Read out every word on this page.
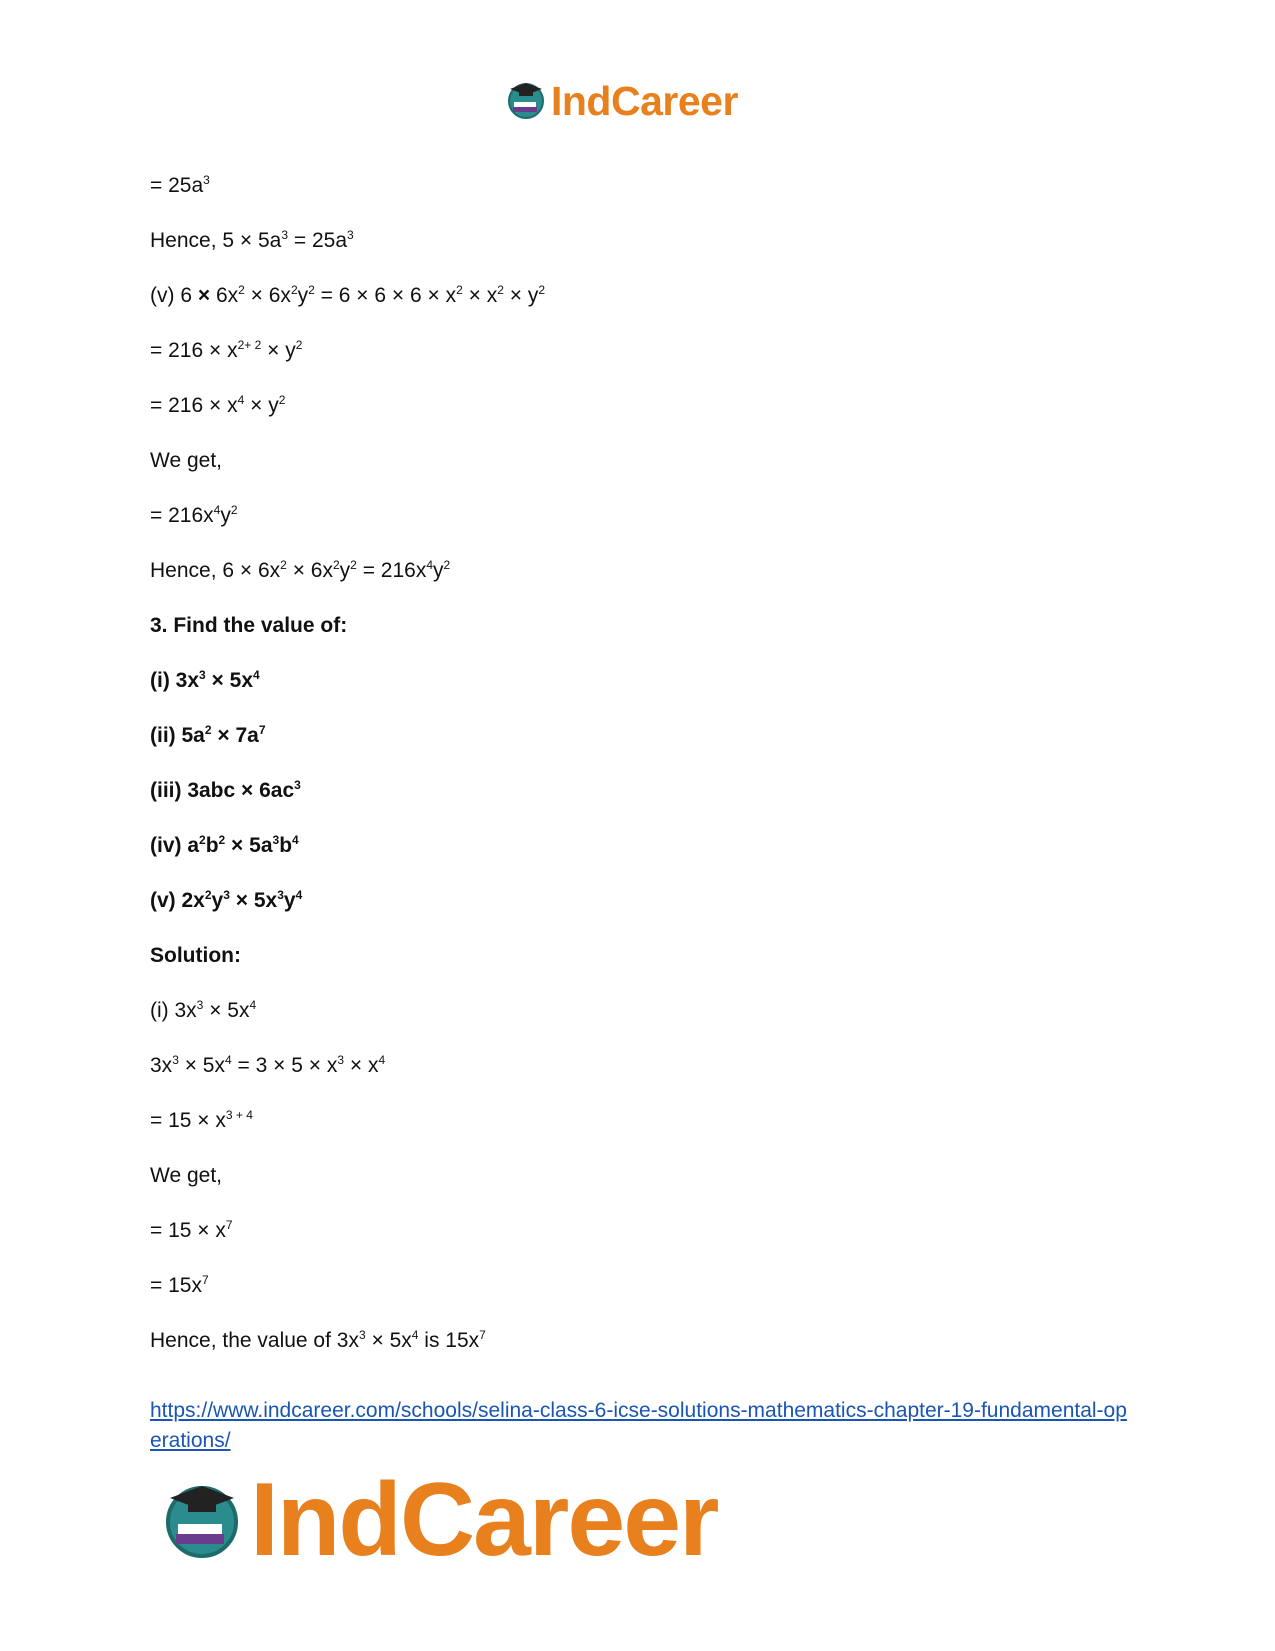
IndCareer
= $25a^3$
Hence, $5 \times 5a^3 = 25a^3$
(v) $6 \times 6x^2 \times 6x^2y^2 = 6 \times 6 \times 6 \times x^2 \times x^2 \times y^2$
= $216 \times x^{2+ 2} \times y^2$
= $216 \times x^4 \times y^2$
We get,
= $216x^4y^2$
Hence, $6 \times 6x^2 \times 6x^2y^2 = 216x^4y^2$
3. Find the value of:
(i) $3x^3 \times 5x^4$
(ii) $5a^2 \times 7a^7$
(iii) $3abc \times 6ac^3$
(iv) $a^2b^2 \times 5a^3b^4$
(v) $2x^2y^3 \times 5x^3y^4$
Solution:
(i) $3x^3 \times 5x^4$
$3x^3 \times 5x^4 = 3 \times 5 \times x^3 \times x^4$
= $15 \times x^{3 + 4}$
We get,
= $15 \times x^7$
= $15x^7$
Hence, the value of $3x^3 \times 5x^4$ is $15x^7$
https://www.indcareer.com/schools/selina-class-6-icse-solutions-mathematics-chapter-19-fundamental-operations/
IndCareer
